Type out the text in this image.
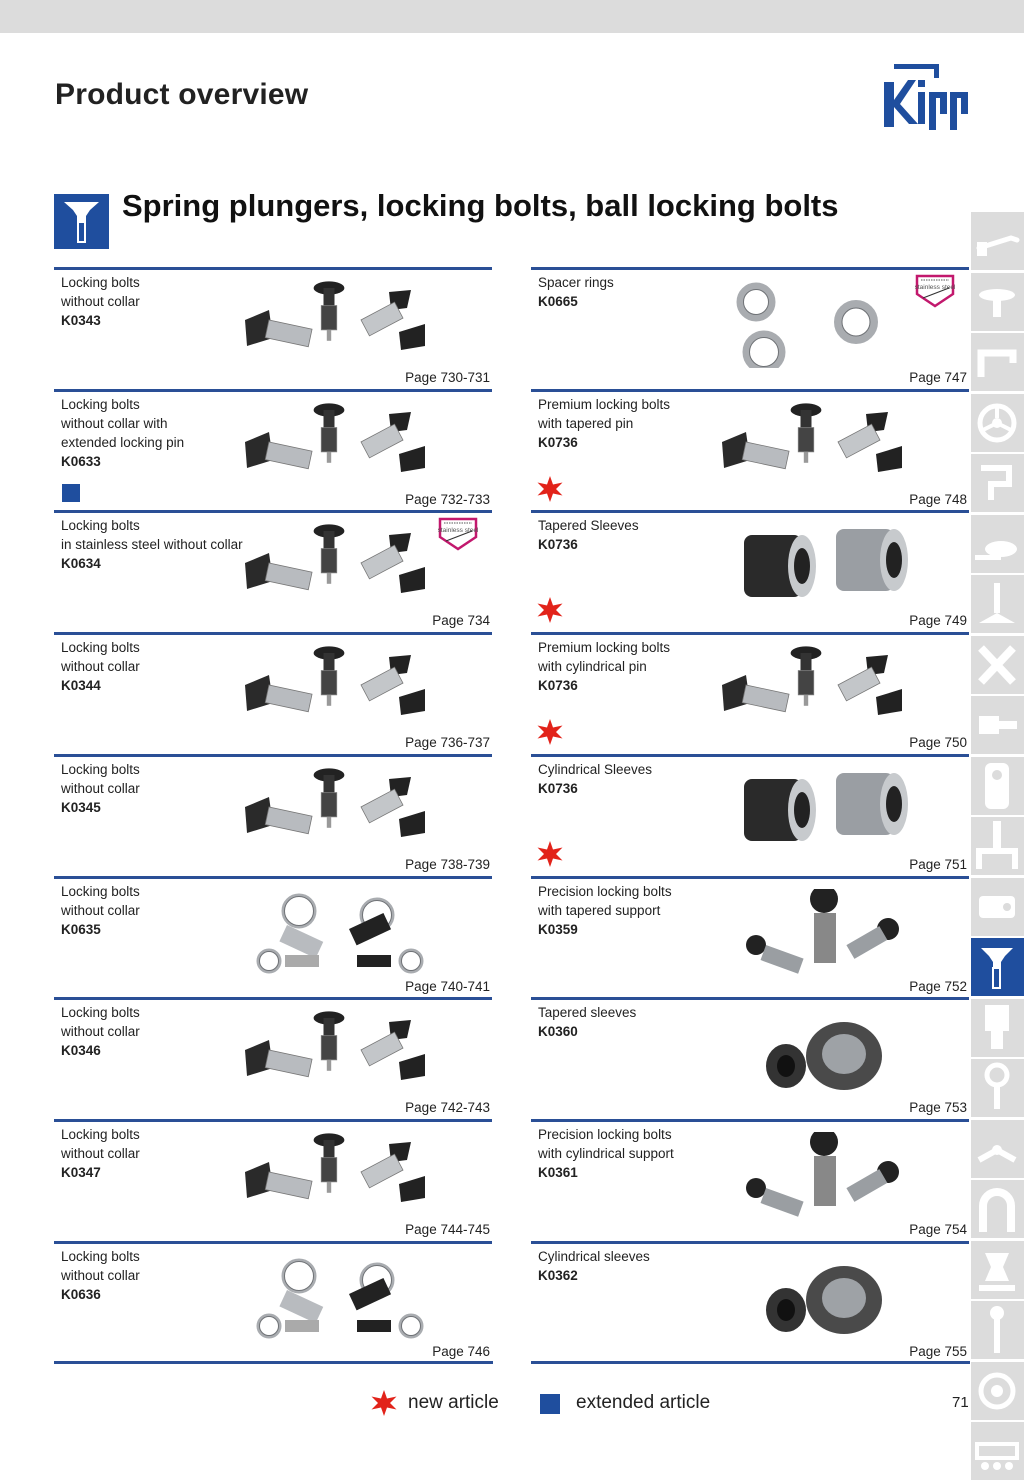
Product overview
Spring plungers, locking bolts, ball locking bolts
Locking bolts
without collar
K0343
Page 730-731
Locking bolts
without collar with
extended locking pin
K0633
Page 732-733
Locking bolts
in stainless steel without collar
K0634
stainless steel
Page 734
Locking bolts
without collar
K0344
Page 736-737
Locking bolts
without collar
K0345
Page 738-739
Locking bolts
without collar
K0635
Page 740-741
Locking bolts
without collar
K0346
Page 742-743
Locking bolts
without collar
K0347
Page 744-745
Locking bolts
without collar
K0636
Page 746
Spacer rings
K0665
stainless steel
Page 747
Premium locking bolts
with tapered pin
K0736
Page 748
Tapered Sleeves
K0736
Page 749
Premium locking bolts
with cylindrical pin
K0736
Page 750
Cylindrical Sleeves
K0736
Page 751
Precision locking bolts
with tapered support
K0359
Page 752
Tapered sleeves
K0360
Page 753
Precision locking bolts
with cylindrical support
K0361
Page 754
Cylindrical sleeves
K0362
Page 755
new article	extended article	71
